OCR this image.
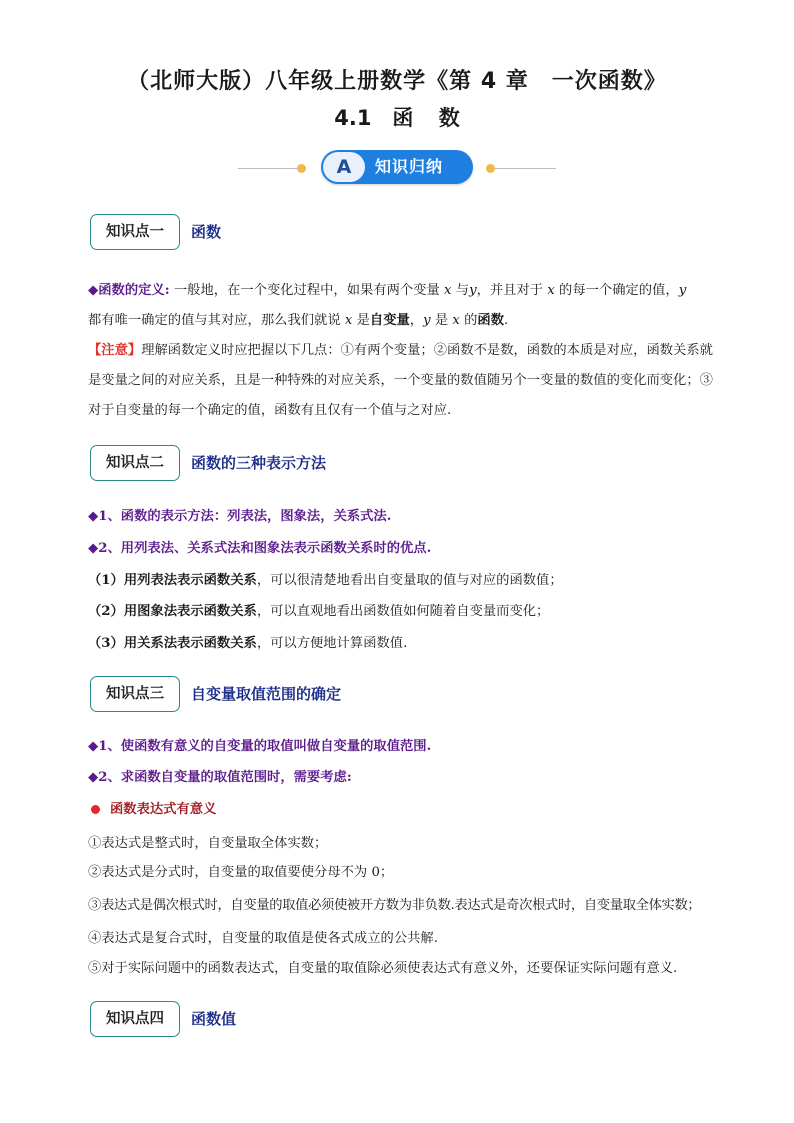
（北师大版）八年级上册数学《第 4 章　一次函数》
4.1　函 数
A	知识归纳
知识点一	函数
◆函数的定义: 一般地，在一个变化过程中，如果有两个变量 x 与y，并且对于 x 的每一个确定的值，y
都有唯一确定的值与其对应，那么我们就说 x 是自变量，y 是 x 的函数.
【注意】理解函数定义时应把握以下几点：①有两个变量；②函数不是数，函数的本质是对应，函数关系就是变量之间的对应关系，且是一种特殊的对应关系，一个变量的数值随另个一变量的数值的变化而变化；③对于自变量的每一个确定的值，函数有且仅有一个值与之对应.
知识点二	函数的三种表示方法
◆1、函数的表示方法：列表法，图象法，关系式法.
◆2、用列表法、关系式法和图象法表示函数关系时的优点.
（1）用列表法表示函数关系，可以很清楚地看出自变量取的值与对应的函数值；
（2）用图象法表示函数关系，可以直观地看出函数值如何随着自变量而变化；
（3）用关系法表示函数关系，可以方便地计算函数值.
知识点三	自变量取值范围的确定
◆1、使函数有意义的自变量的取值叫做自变量的取值范围.
◆2、求函数自变量的取值范围时，需要考虑:
函数表达式有意义
①表达式是整式时，自变量取全体实数；
②表达式是分式时，自变量的取值要使分母不为 0；
③表达式是偶次根式时，自变量的取值必须使被开方数为非负数.表达式是奇次根式时，自变量取全体实数；
④表达式是复合式时，自变量的取值是使各式成立的公共解.
⑤对于实际问题中的函数表达式，自变量的取值除必须使表达式有意义外，还要保证实际问题有意义.
知识点四	函数值
